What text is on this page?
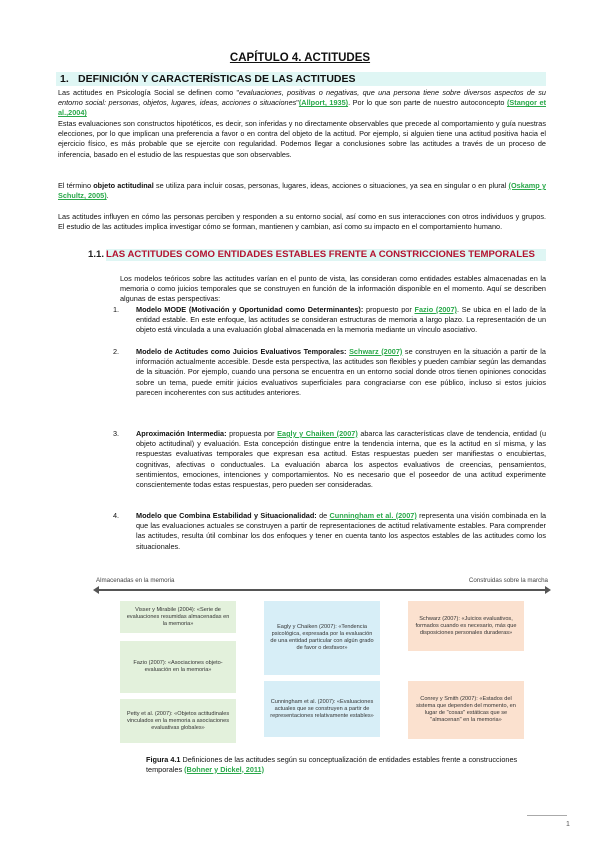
CAPÍTULO 4. ACTITUDES
1. DEFINICIÓN Y CARACTERÍSTICAS DE LAS ACTITUDES
Las actitudes en Psicología Social se definen como "evaluaciones, positivas o negativas, que una persona tiene sobre diversos aspectos de su entorno social: personas, objetos, lugares, ideas, acciones o situaciones"(Allport, 1935). Por lo que son parte de nuestro autoconcepto (Stangor et al.,2004)
Estas evaluaciones son constructos hipotéticos, es decir, son inferidas y no directamente observables que precede al comportamiento y guía nuestras elecciones, por lo que implican una preferencia a favor o en contra del objeto de la actitud. Por ejemplo, si alguien tiene una actitud positiva hacia el ejercicio físico, es más probable que se ejercite con regularidad. Podemos llegar a conclusiones sobre las actitudes a través de un proceso de inferencia, basado en el estudio de las respuestas que son observables.
El término objeto actitudinal se utiliza para incluir cosas, personas, lugares, ideas, acciones o situaciones, ya sea en singular o en plural (Oskamp y Schultz, 2005).
Las actitudes influyen en cómo las personas perciben y responden a su entorno social, así como en sus interacciones con otros individuos y grupos. El estudio de las actitudes implica investigar cómo se forman, mantienen y cambian, así como su impacto en el comportamiento humano.
1.1. LAS ACTITUDES COMO ENTIDADES ESTABLES FRENTE A CONSTRICCIONES TEMPORALES
Los modelos teóricos sobre las actitudes varían en el punto de vista, las consideran como entidades estables almacenadas en la memoria o como juicios temporales que se construyen en función de la información disponible en el momento. Aquí se describen algunas de estas perspectivas:
1. Modelo MODE (Motivación y Oportunidad como Determinantes): propuesto por Fazio (2007). Se ubica en el lado de la entidad estable. En este enfoque, las actitudes se consideran estructuras de memoria a largo plazo. La representación de un objeto está vinculada a una evaluación global almacenada en la memoria mediante un vínculo asociativo.
2. Modelo de Actitudes como Juicios Evaluativos Temporales: Schwarz (2007) se construyen en la situación a partir de la información actualmente accesible. Desde esta perspectiva, las actitudes son flexibles y pueden cambiar según las demandas de la situación. Por ejemplo, cuando una persona se encuentra en un entorno social donde otros tienen opiniones conocidas sobre un tema, puede emitir juicios evaluativos superficiales para congraciarse con ese público, incluso si estos juicios parecen incoherentes con sus actitudes anteriores.
3. Aproximación Intermedia: propuesta por Eagly y Chaiken (2007) abarca las características clave de tendencia, entidad (u objeto actitudinal) y evaluación. Esta concepción distingue entre la tendencia interna, que es la actitud en sí misma, y las respuestas evaluativas temporales que expresan esa actitud. Estas respuestas pueden ser manifiestas o encubiertas, cognitivas, afectivas o conductuales. La evaluación abarca los aspectos evaluativos de creencias, pensamientos, sentimientos, emociones, intenciones y comportamientos. No es necesario que el poseedor de una actitud experimente conscientemente todas estas respuestas, pero pueden ser consideradas.
4. Modelo que Combina Estabilidad y Situacionalidad: de Cunningham et al. (2007) representa una visión combinada en la que las evaluaciones actuales se construyen a partir de representaciones de actitud relativamente estables. Para comprender las actitudes, resulta útil combinar los dos enfoques y tener en cuenta tanto los aspectos estables de las actitudes como los situacionales.
Almacenadas en la memoria	Construidas sobre la marcha
Visser y Mirabile (2004): «Serie de evaluaciones resumidas almacenadas en la memoria»
Fazio (2007): «Asociaciones objeto-evaluación en la memoria»
Petty et al. (2007): «Objetos actitudinales vinculados en la memoria a asociaciones evaluativas globales»
Eagly y Chaiken (2007): «Tendencia psicológica, expresada por la evaluación de una entidad particular con algún grado de favor o desfavor»
Cunningham et al. (2007): «Evaluaciones actuales que se construyen a partir de representaciones relativamente estables»
Schwarz (2007): «Juicios evaluativos, formados cuando es necesario, más que disposiciones personales duraderas»
Conrey y Smith (2007): «Estados del sistema que dependen del momento, en lugar de "cosas" estáticas que se "almacenan" en la memoria»
Figura 4.1 Definiciones de las actitudes según su conceptualización de entidades estables frente a construcciones temporales (Bohner y Dickel, 2011)
1
